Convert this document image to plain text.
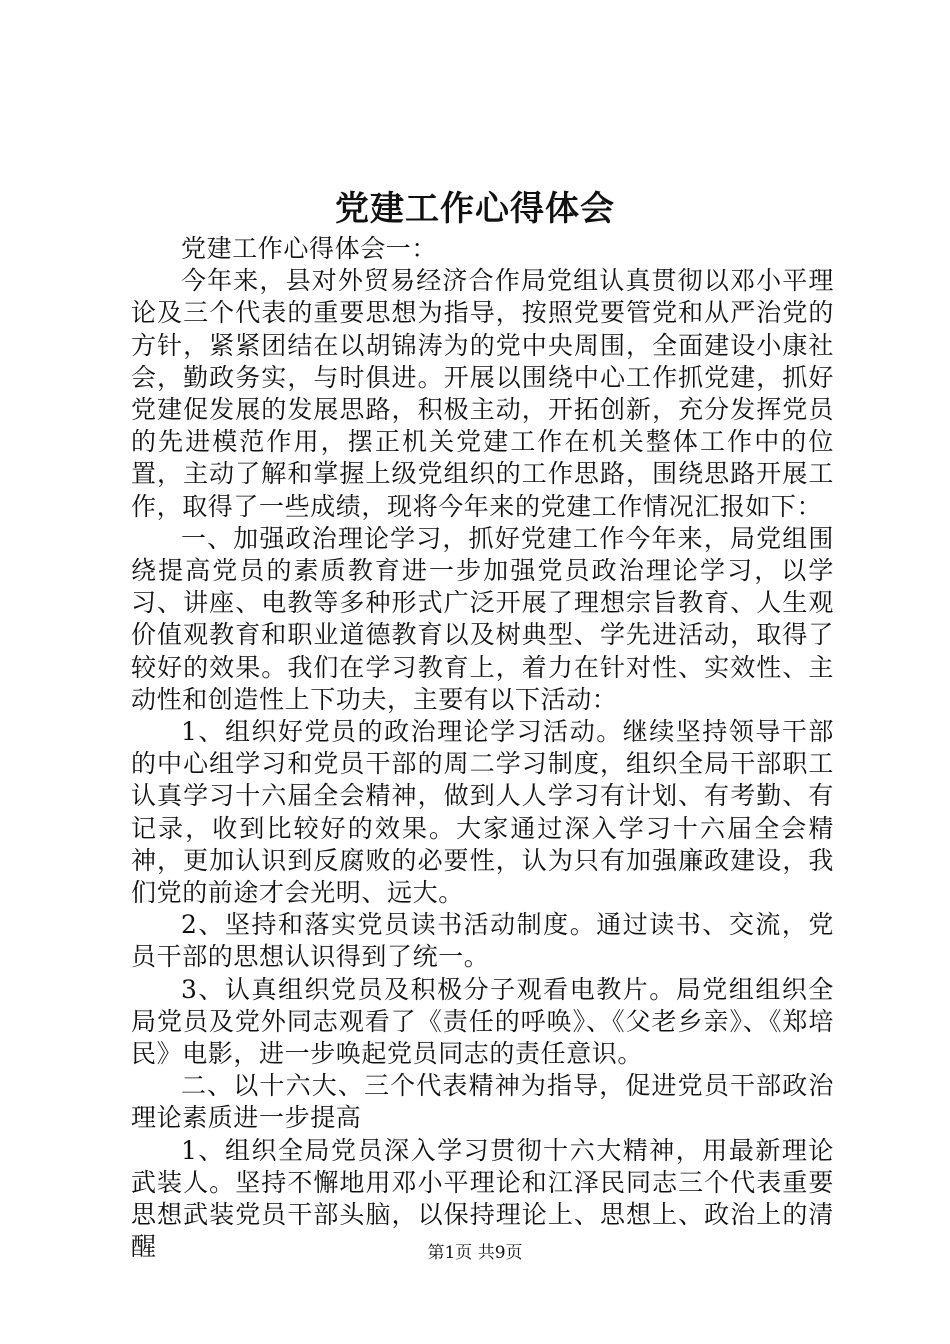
党建工作心得体会

党建工作心得体会一：

今年来，县对外贸易经济合作局党组认真贯彻以邓小平理论及三个代表的重要思想为指导，按照党要管党和从严治党的方针，紧紧团结在以胡锦涛为的党中央周围，全面建设小康社会，勤政务实，与时俱进。开展以围绕中心工作抓党建，抓好党建促发展的发展思路，积极主动，开拓创新，充分发挥党员的先进模范作用，摆正机关党建工作在机关整体工作中的位置，主动了解和掌握上级党组织的工作思路，围绕思路开展工作，取得了一些成绩，现将今年来的党建工作情况汇报如下：

一、加强政治理论学习，抓好党建工作今年来，局党组围绕提高党员的素质教育进一步加强党员政治理论学习，以学习、讲座、电教等多种形式广泛开展了理想宗旨教育、人生观价值观教育和职业道德教育以及树典型、学先进活动，取得了较好的效果。我们在学习教育上，着力在针对性、实效性、主动性和创造性上下功夫，主要有以下活动：

1、组织好党员的政治理论学习活动。继续坚持领导干部的中心组学习和党员干部的周二学习制度，组织全局干部职工认真学习十六届全会精神，做到人人学习有计划、有考勤、有记录，收到比较好的效果。大家通过深入学习十六届全会精神，更加认识到反腐败的必要性，认为只有加强廉政建设，我们党的前途才会光明、远大。

2、坚持和落实党员读书活动制度。通过读书、交流，党员干部的思想认识得到了统一。

3、认真组织党员及积极分子观看电教片。局党组组织全局党员及党外同志观看了《责任的呼唤》、《父老乡亲》、《郑培民》电影，进一步唤起党员同志的责任意识。

二、以十六大、三个代表精神为指导，促进党员干部政治理论素质进一步提高

1、组织全局党员深入学习贯彻十六大精神，用最新理论武装人。坚持不懈地用邓小平理论和江泽民同志三个代表重要思想武装党员干部头脑，以保持理论上、思想上、政治上的清醒	第1页 共9页
